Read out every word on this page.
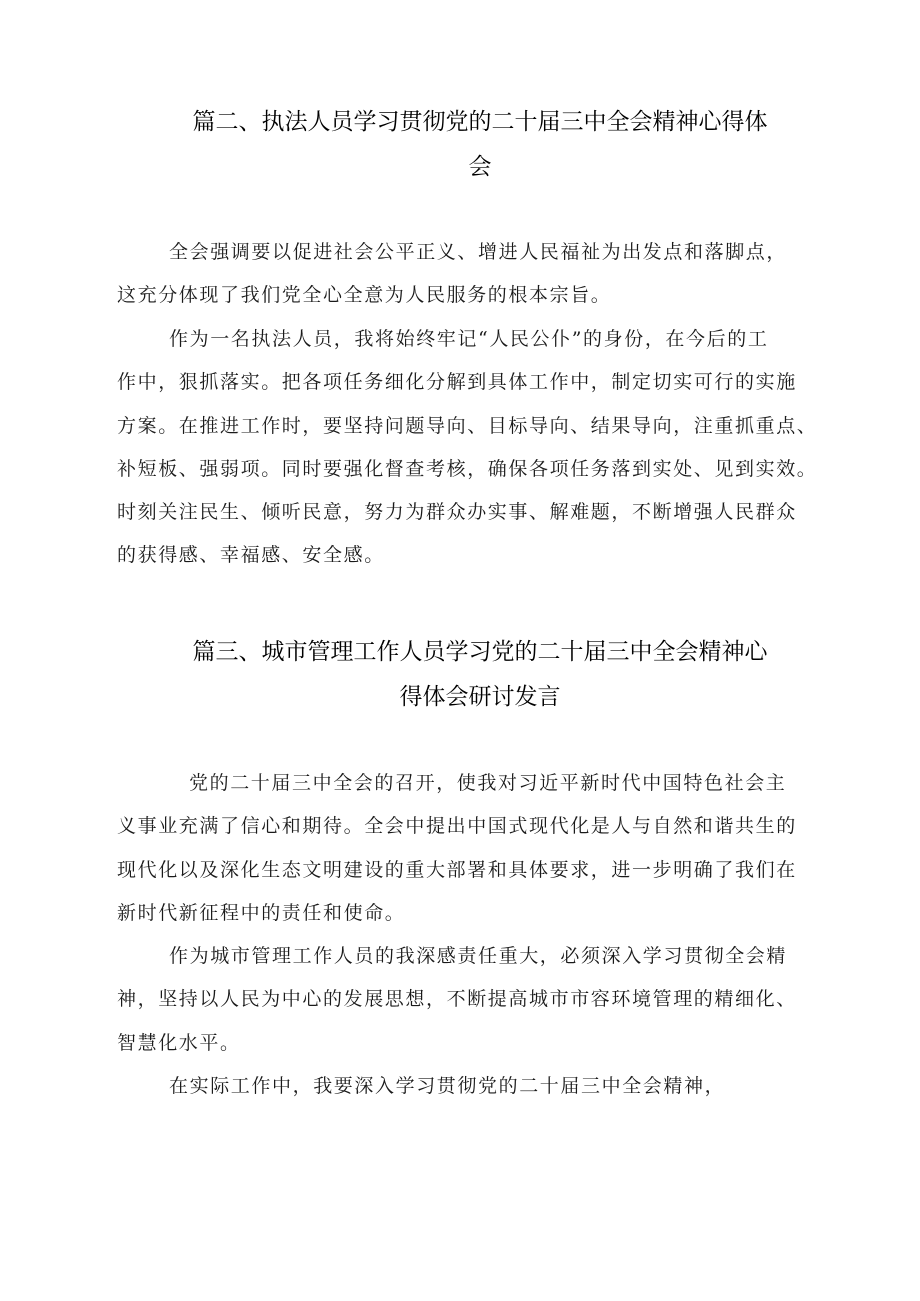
篇二、执法人员学习贯彻党的二十届三中全会精神心得体
会
全会强调要以促进社会公平正义、增进人民福祉为出发点和落脚点，
这充分体现了我们党全心全意为人民服务的根本宗旨。
作为一名执法人员，我将始终牢记“人民公仆”的身份，在今后的工
作中，狠抓落实。把各项任务细化分解到具体工作中，制定切实可行的实施
方案。在推进工作时，要坚持问题导向、目标导向、结果导向，注重抓重点、
补短板、强弱项。同时要强化督查考核，确保各项任务落到实处、见到实效。
时刻关注民生、倾听民意，努力为群众办实事、解难题，不断增强人民群众
的获得感、幸福感、安全感。
篇三、城市管理工作人员学习党的二十届三中全会精神心
得体会研讨发言
党的二十届三中全会的召开，使我对习近平新时代中国特色社会主
义事业充满了信心和期待。全会中提出中国式现代化是人与自然和谐共生的
现代化以及深化生态文明建设的重大部署和具体要求，进一步明确了我们在
新时代新征程中的责任和使命。
作为城市管理工作人员的我深感责任重大，必须深入学习贯彻全会精
神，坚持以人民为中心的发展思想，不断提高城市市容环境管理的精细化、
智慧化水平。
在实际工作中，我要深入学习贯彻党的二十届三中全会精神，
